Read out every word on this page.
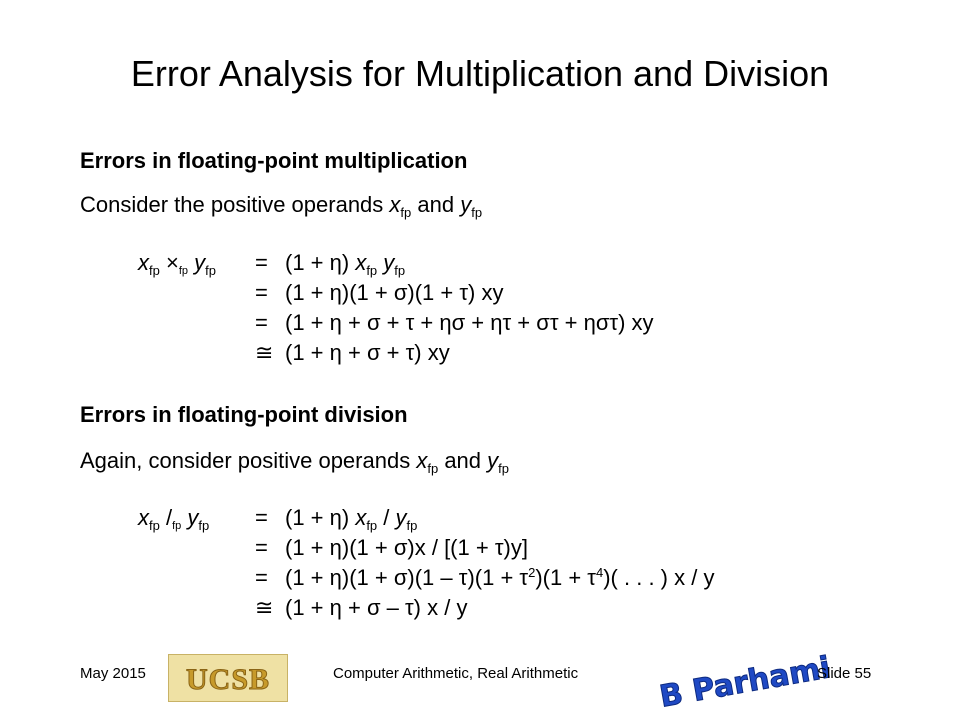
Error Analysis for Multiplication and Division
Errors in floating-point multiplication
Consider the positive operands $x_{fp}$ and $y_{fp}$
$x_{fp} \times fp$ $y_{fp} = (1 + \eta)$ $x_{fp}$ $y_{fp}$
= (1 + η)(1 + σ)(1 + τ) xy
= (1 + η + σ + τ + ησ + ητ + στ + ηστ) xy
≅ (1 + η + σ + τ) xy
Errors in floating-point division
Again, consider positive operands $x_{fp}$ and $y_{fp}$
$x_{fp}$ /fp $y_{fp} = (1 + \eta)$ $x_{fp} / y_{fp}$
= (1 + η)(1 + σ)x / [(1 + τ)y]
= $(1 + \eta)(1 + \sigma)(1 - \tau)(1 + \tau^2)(1 + \tau^4)$( . . . ) x / y
≅ (1 + η + σ – τ) x / y
May 2015 UCSB	Computer Arithmetic, Real Arithmetic	B Parhami
Slide 55
